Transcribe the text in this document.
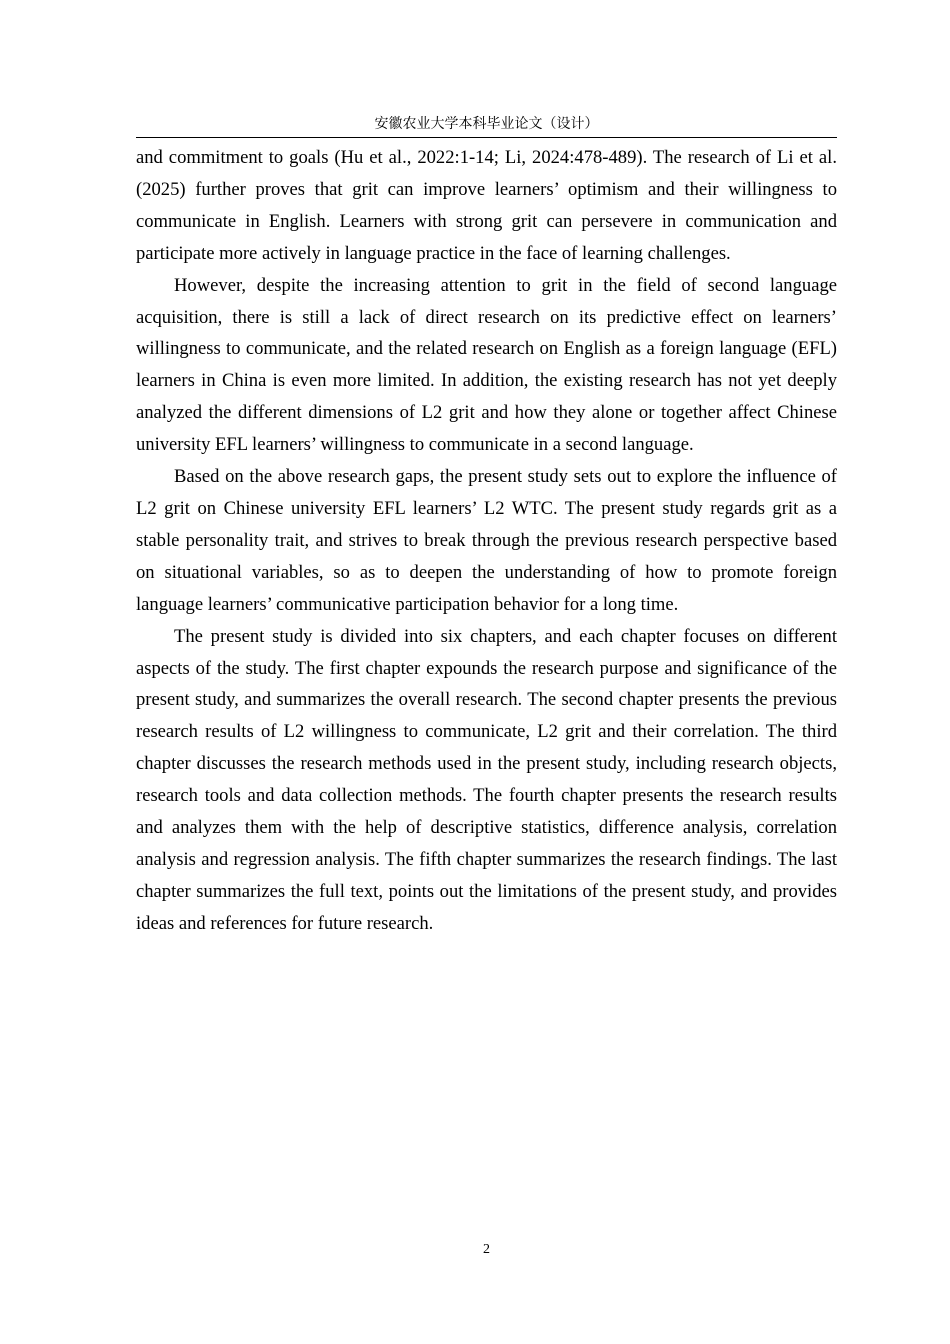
安徽农业大学本科毕业论文（设计）

and commitment to goals (Hu et al., 2022:1-14; Li, 2024:478-489). The research of Li et al. (2025) further proves that grit can improve learners’ optimism and their willingness to communicate in English. Learners with strong grit can persevere in communication and participate more actively in language practice in the face of learning challenges.

However, despite the increasing attention to grit in the field of second language acquisition, there is still a lack of direct research on its predictive effect on learners’ willingness to communicate, and the related research on English as a foreign language (EFL) learners in China is even more limited. In addition, the existing research has not yet deeply analyzed the different dimensions of L2 grit and how they alone or together affect Chinese university EFL learners’ willingness to communicate in a second language.

Based on the above research gaps, the present study sets out to explore the influence of L2 grit on Chinese university EFL learners’ L2 WTC. The present study regards grit as a stable personality trait, and strives to break through the previous research perspective based on situational variables, so as to deepen the understanding of how to promote foreign language learners’ communicative participation behavior for a long time.

The present study is divided into six chapters, and each chapter focuses on different aspects of the study. The first chapter expounds the research purpose and significance of the present study, and summarizes the overall research. The second chapter presents the previous research results of L2 willingness to communicate, L2 grit and their correlation. The third chapter discusses the research methods used in the present study, including research objects, research tools and data collection methods. The fourth chapter presents the research results and analyzes them with the help of descriptive statistics, difference analysis, correlation analysis and regression analysis. The fifth chapter summarizes the research findings. The last chapter summarizes the full text, points out the limitations of the present study, and provides ideas and references for future research.

2
